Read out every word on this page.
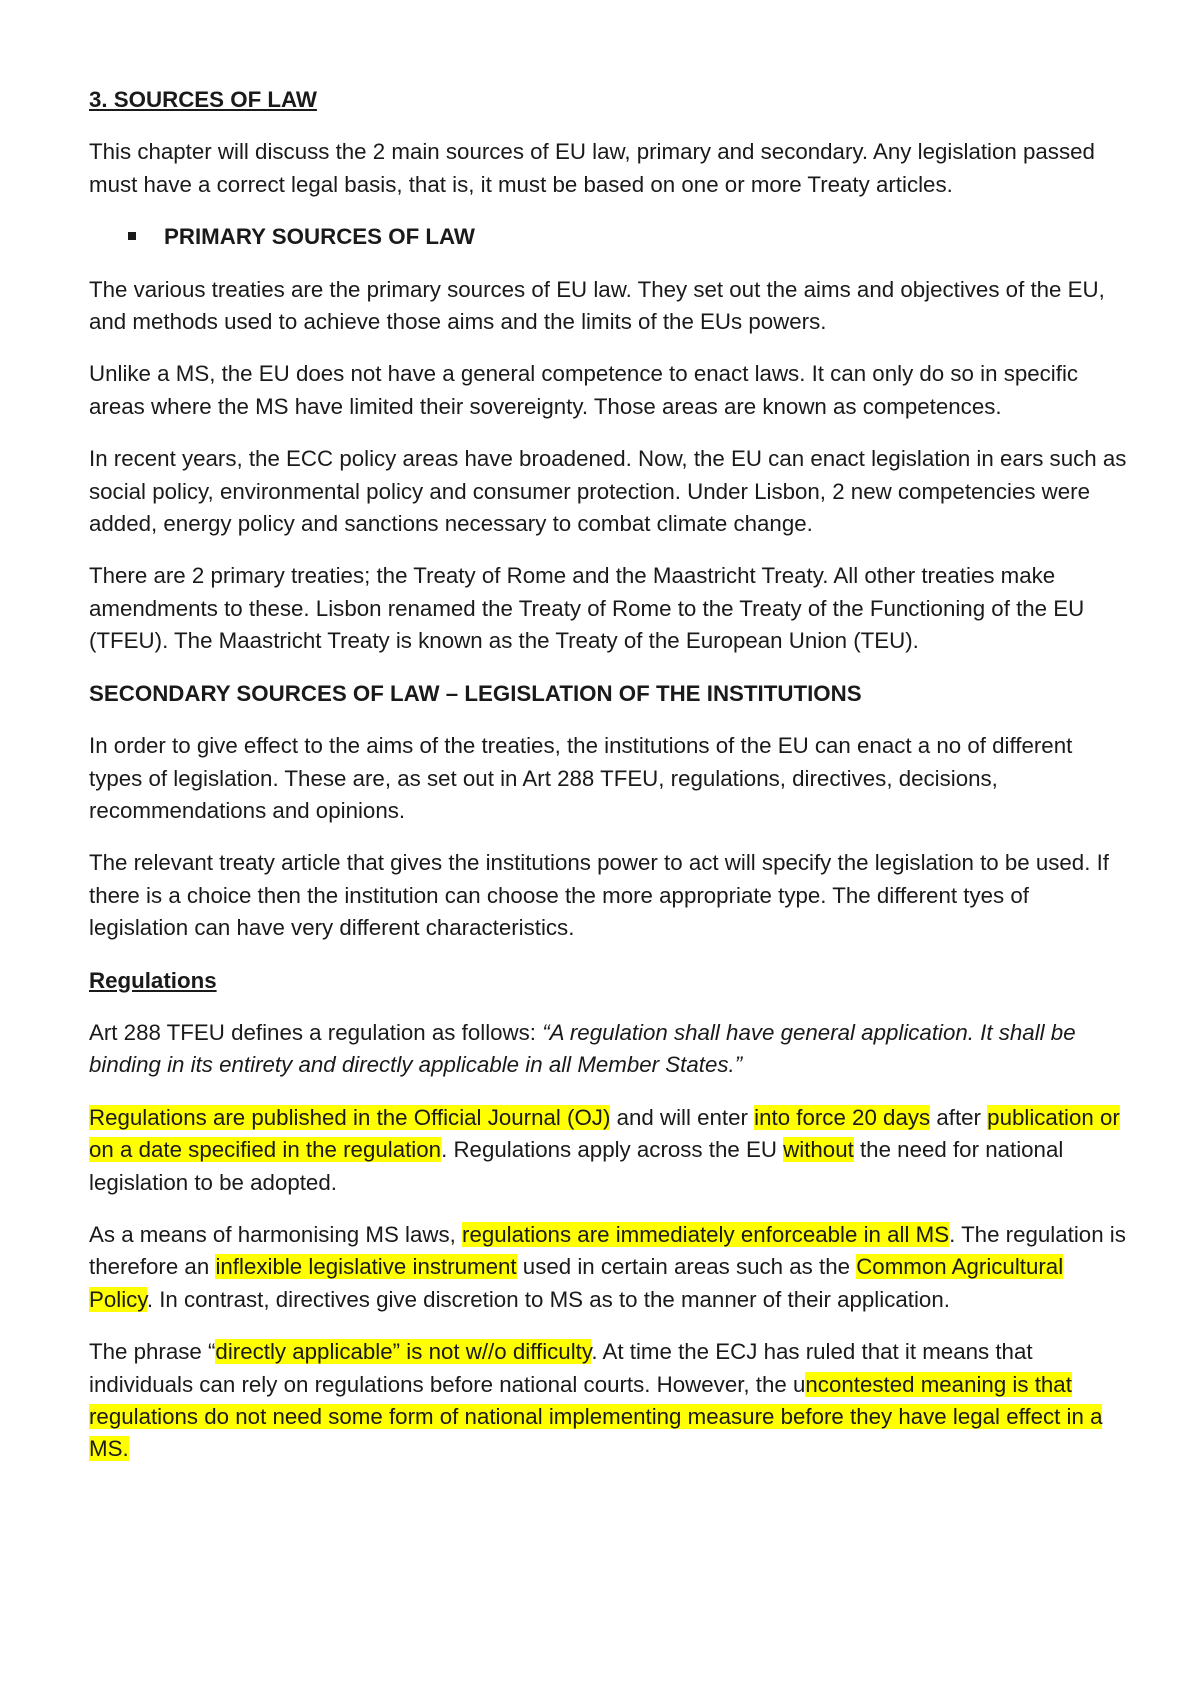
3. SOURCES OF LAW

This chapter will discuss the 2 main sources of EU law, primary and secondary. Any legislation passed must have a correct legal basis, that is, it must be based on one or more Treaty articles.

PRIMARY SOURCES OF LAW

The various treaties are the primary sources of EU law. They set out the aims and objectives of the EU, and methods used to achieve those aims and the limits of the EUs powers.

Unlike a MS, the EU does not have a general competence to enact laws. It can only do so in specific areas where the MS have limited their sovereignty. Those areas are known as competences.

In recent years, the ECC policy areas have broadened. Now, the EU can enact legislation in ears such as social policy, environmental policy and consumer protection. Under Lisbon, 2 new competencies were added, energy policy and sanctions necessary to combat climate change.

There are 2 primary treaties; the Treaty of Rome and the Maastricht Treaty. All other treaties make amendments to these. Lisbon renamed the Treaty of Rome to the Treaty of the Functioning of the EU (TFEU). The Maastricht Treaty is known as the Treaty of the European Union (TEU).

SECONDARY SOURCES OF LAW – LEGISLATION OF THE INSTITUTIONS

In order to give effect to the aims of the treaties, the institutions of the EU can enact a no of different types of legislation. These are, as set out in Art 288 TFEU, regulations, directives, decisions, recommendations and opinions.

The relevant treaty article that gives the institutions power to act will specify the legislation to be used. If there is a choice then the institution can choose the more appropriate type. The different tyes of legislation can have very different characteristics.

Regulations

Art 288 TFEU defines a regulation as follows: “A regulation shall have general application. It shall be binding in its entirety and directly applicable in all Member States.”

Regulations are published in the Official Journal (OJ) and will enter into force 20 days after publication or on a date specified in the regulation. Regulations apply across the EU without the need for national legislation to be adopted.

As a means of harmonising MS laws, regulations are immediately enforceable in all MS. The regulation is therefore an inflexible legislative instrument used in certain areas such as the Common Agricultural Policy. In contrast, directives give discretion to MS as to the manner of their application.

The phrase “directly applicable” is not w//o difficulty. At time the ECJ has ruled that it means that individuals can rely on regulations before national courts. However, the uncontested meaning is that regulations do not need some form of national implementing measure before they have legal effect in a MS.
